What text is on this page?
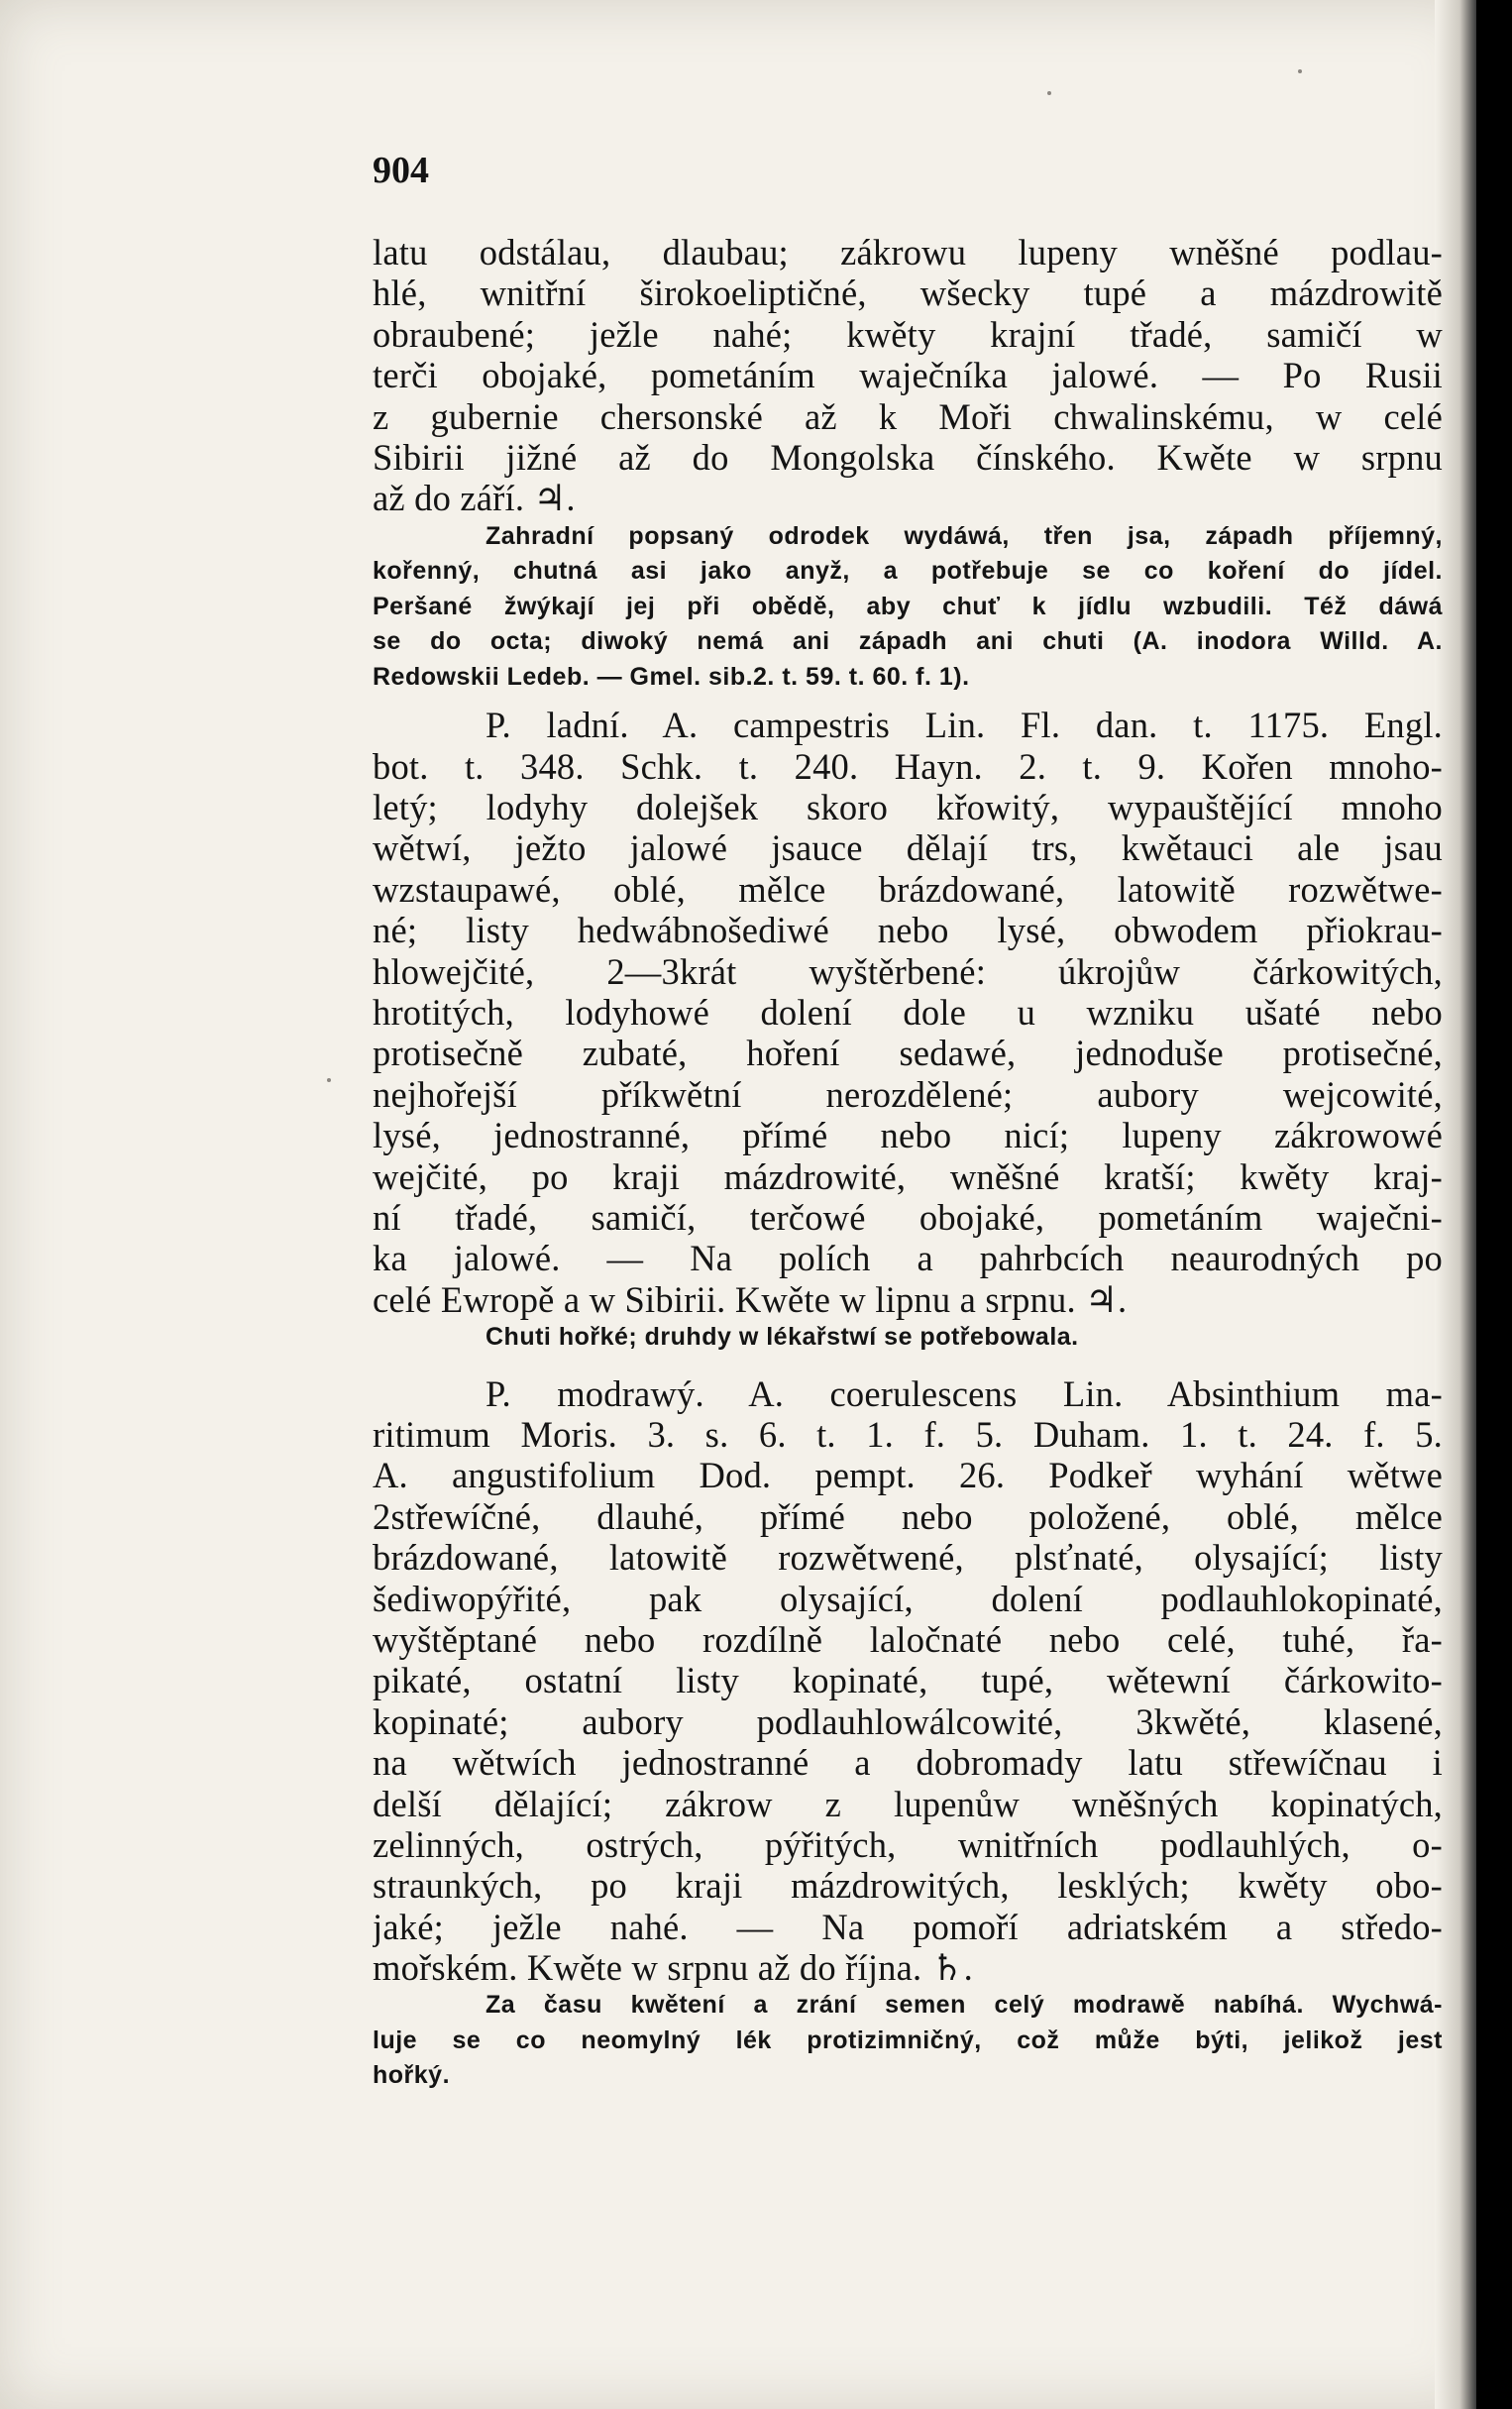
904
latu odstálau, dlaubau; zákrowu lupeny wněšné podlau-
hlé, wnitřní širokoeliptičné, wšecky tupé a mázdrowitě
obraubené; ježle nahé; kwěty krajní třadé, samičí w
terči obojaké, pometáním waječníka jalowé. — Po Rusii
z gubernie chersonské až k Moři chwalinskému, w celé
Sibirii jižné až do Mongolska čínského. Kwěte w srpnu
až do září. ♃.
Zahradní popsaný odrodek wydáwá, třen jsa, západh příjemný,
kořenný, chutná asi jako anyž, a potřebuje se co koření do jídel.
Peršané žwýkají jej při obědě, aby chuť k jídlu wzbudili. Též dáwá
se do octa; diwoký nemá ani západh ani chuti (A. inodora Willd. A.
Redowskii Ledeb. — Gmel. sib.2. t. 59. t. 60. f. 1).
P. ladní. A. campestris Lin. Fl. dan. t. 1175. Engl.
bot. t. 348. Schk. t. 240. Hayn. 2. t. 9. Kořen mnoho-
letý; lodyhy dolejšek skoro křowitý, wypauštějící mnoho
wětwí, ježto jalowé jsauce dělají trs, kwětauci ale jsau
wzstaupawé, oblé, mělce brázdowané, latowitě rozwětwe-
né; listy hedwábnošediwé nebo lysé, obwodem přiokrau-
hlowejčité, 2—3krát wyštěrbené: úkrojůw čárkowitých,
hrotitých, lodyhowé dolení dole u wzniku ušaté nebo
protisečně zubaté, hoření sedawé, jednoduše protisečné,
nejhořejší příkwětní nerozdělené; aubory wejcowité,
lysé, jednostranné, přímé nebo nicí; lupeny zákrowowé
wejčité, po kraji mázdrowité, wněšné kratší; kwěty kraj-
ní třadé, samičí, terčowé obojaké, pometáním waječni-
ka jalowé. — Na polích a pahrbcích neaurodných po
celé Ewropě a w Sibirii. Kwěte w lipnu a srpnu. ♃.
Chuti hořké; druhdy w lékařstwí se potřebowala.
P. modrawý. A. coerulescens Lin. Absinthium ma-
ritimum Moris. 3. s. 6. t. 1. f. 5. Duham. 1. t. 24. f. 5.
A. angustifolium Dod. pempt. 26. Podkeř wyhání wětwe
2střewíčné, dlauhé, přímé nebo položené, oblé, mělce
brázdowané, latowitě rozwětwené, plsťnaté, olysající; listy
šediwopýřité, pak olysající, dolení podlauhlokopinaté,
wyštěptané nebo rozdílně laločnaté nebo celé, tuhé, řa-
pikaté, ostatní listy kopinaté, tupé, wětewní čárkowito-
kopinaté; aubory podlauhlowálcowité, 3kwěté, klasené,
na wětwích jednostranné a dobromady latu střewíčnau i
delší dělající; zákrow z lupenůw wněšných kopinatých,
zelinných, ostrých, pýřitých, wnitřních podlauhlých, o-
straunkých, po kraji mázdrowitých, lesklých; kwěty obo-
jaké; ježle nahé. — Na pomoří adriatském a středo-
mořském. Kwěte w srpnu až do října. ♄.
Za času kwětení a zrání semen celý modrawě nabíhá. Wychwá-
luje se co neomylný lék protizimničný, což může býti, jelikož jest
hořký.
